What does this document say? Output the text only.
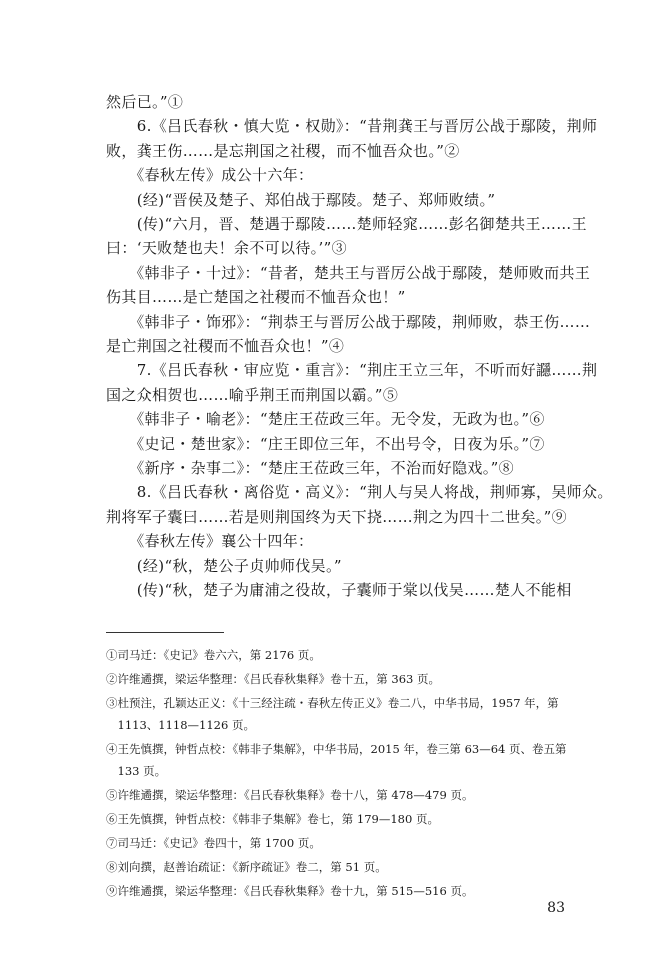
然后已。”①
　　6.《吕氏春秋・慎大览・权勋》：“昔荆龚王与晋厉公战于鄢陵，荆师
败，龚王伤……是忘荆国之社稷，而不恤吾众也。”②
　　《春秋左传》成公十六年：
　　(经)“晋侯及楚子、郑伯战于鄢陵。楚子、郑师败绩。”
　　(传)“六月，晋、楚遇于鄢陵……楚师轻窕……彭名御楚共王……王
曰：‘天败楚也夫！余不可以待。’”③
　　《韩非子・十过》：“昔者，楚共王与晋厉公战于鄢陵，楚师败而共王
伤其目……是亡楚国之社稷而不恤吾众也！”
　　《韩非子・饰邪》：“荆恭王与晋厉公战于鄢陵，荆师败，恭王伤……
是亡荆国之社稷而不恤吾众也！”④
　　7.《吕氏春秋・审应览・重言》：“荆庄王立三年，不听而好讔……荆
国之众相贺也……喻乎荆王而荆国以霸。”⑤
　　《韩非子・喻老》：“楚庄王莅政三年。无令发，无政为也。”⑥
　　《史记・楚世家》：“庄王即位三年，不出号令，日夜为乐。”⑦
　　《新序・杂事二》：“楚庄王莅政三年，不治而好隐戏。”⑧
　　8.《吕氏春秋・离俗览・高义》：“荆人与吴人将战，荆师寡，吴师众。
荆将军子囊曰……若是则荆国终为天下挠……荆之为四十二世矣。”⑨
　　《春秋左传》襄公十四年：
①司马迁：《史记》卷六六，第 2176 页。
②许维遹撰，梁运华整理：《吕氏春秋集释》卷十五，第 363 页。
③杜预注，孔颖达正义：《十三经注疏・春秋左传正义》卷二八，中华书局，1957 年，第
　1113、1118—1126 页。
④王先慎撰，钟哲点校：《韩非子集解》，中华书局，2015 年，卷三第 63—64 页、卷五第
　133 页。
⑤许维遹撰，梁运华整理：《吕氏春秋集释》卷十八，第 478—479 页。
⑥王先慎撰，钟哲点校：《韩非子集解》卷七，第 179—180 页。
⑦司马迁：《史记》卷四十，第 1700 页。
⑧刘向撰，赵善诒疏证：《新序疏证》卷二，第 51 页。
⑨许维遹撰，梁运华整理：《吕氏春秋集释》卷十九，第 515—516 页。
83
　　(经)“秋，楚公子贞帅师伐吴。”
　　(传)“秋，楚子为庸浦之役故，子囊师于棠以伐吴……楚人不能相
